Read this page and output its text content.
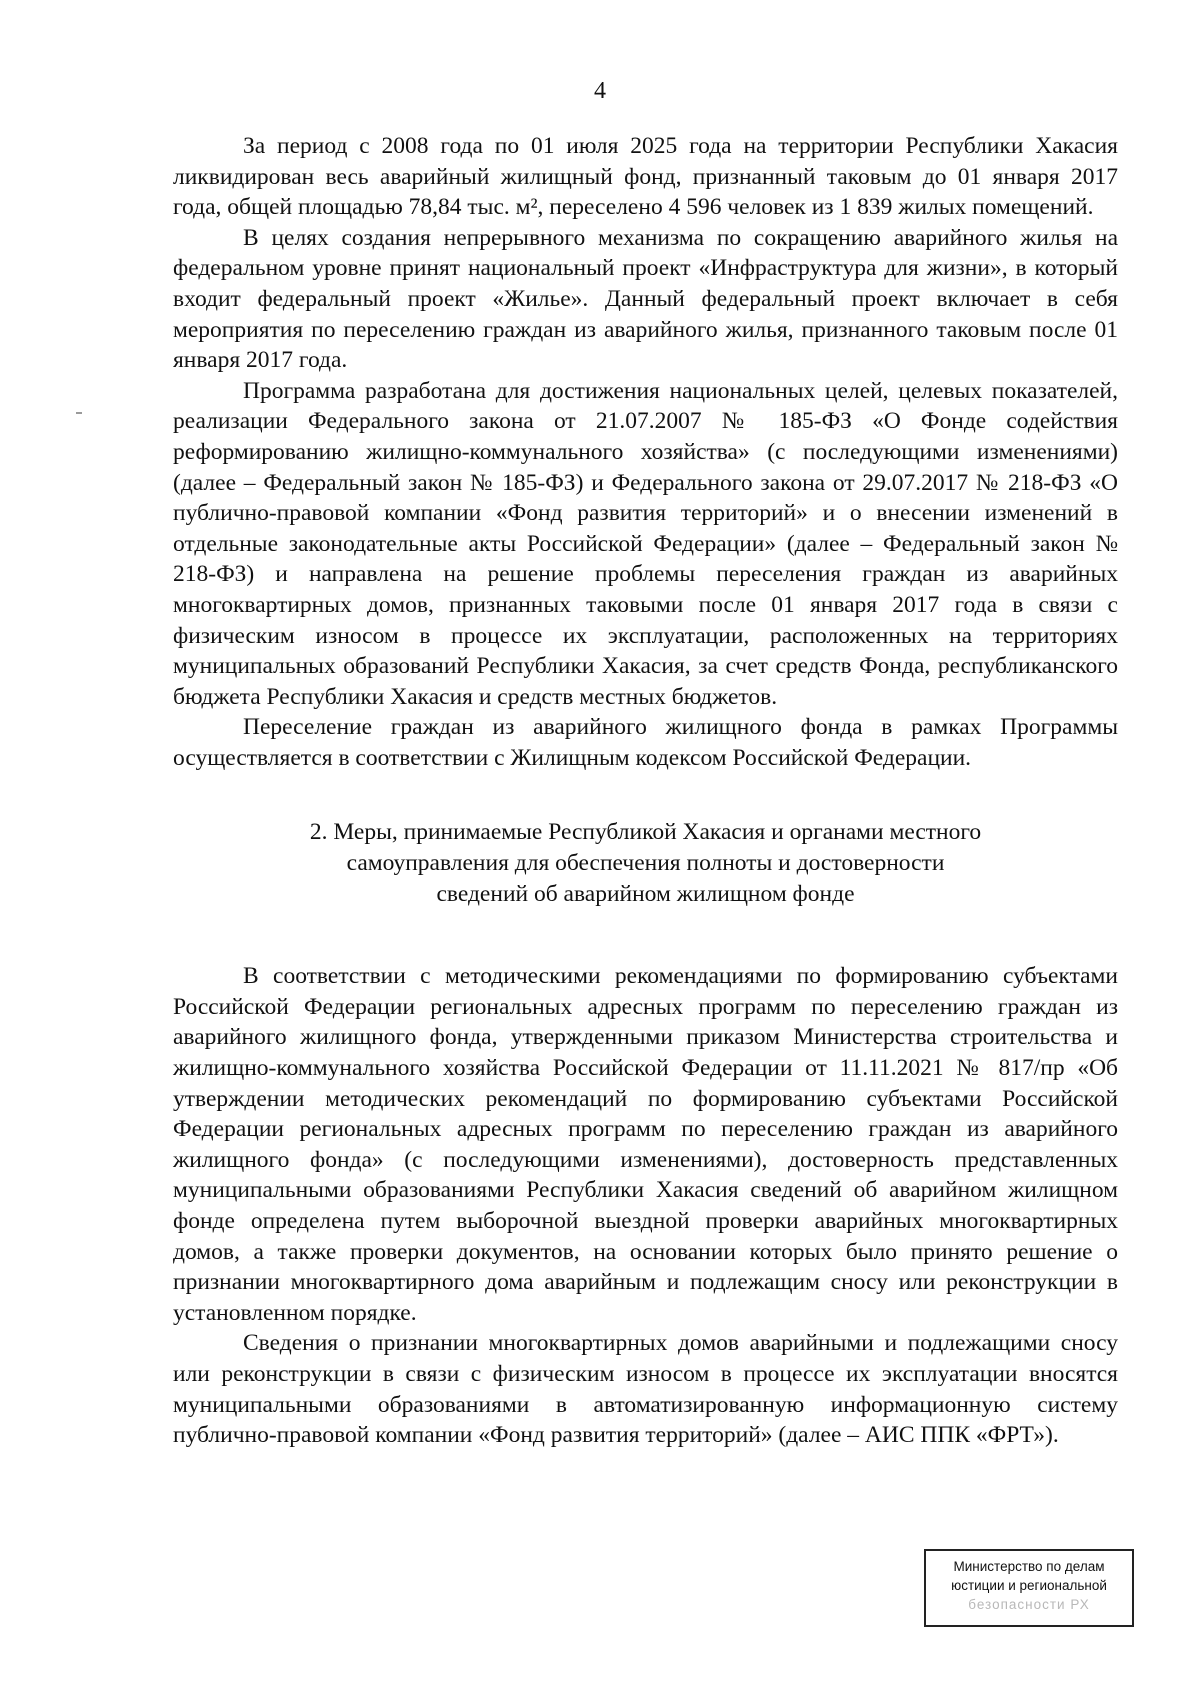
4

За период с 2008 года по 01 июля 2025 года на территории Республики Хакасия ликвидирован весь аварийный жилищный фонд, признанный таковым до 01 января 2017 года, общей площадью 78,84 тыс. м², переселено 4 596 человек из 1 839 жилых помещений.

В целях создания непрерывного механизма по сокращению аварийного жилья на федеральном уровне принят национальный проект «Инфраструктура для жизни», в который входит федеральный проект «Жилье». Данный федеральный проект включает в себя мероприятия по переселению граждан из аварийного жилья, признанного таковым после 01 января 2017 года.

Программа разработана для достижения национальных целей, целевых показателей, реализации Федерального закона от 21.07.2007 № 185-ФЗ «О Фонде содействия реформированию жилищно-коммунального хозяйства» (с последующими изменениями) (далее – Федеральный закон № 185-ФЗ) и Федерального закона от 29.07.2017 № 218-ФЗ «О публично-правовой компании «Фонд развития территорий» и о внесении изменений в отдельные законодательные акты Российской Федерации» (далее – Федеральный закон № 218-ФЗ) и направлена на решение проблемы переселения граждан из аварийных многоквартирных домов, признанных таковыми после 01 января 2017 года в связи с физическим износом в процессе их эксплуатации, расположенных на территориях муниципальных образований Республики Хакасия, за счет средств Фонда, республиканского бюджета Республики Хакасия и средств местных бюджетов.

Переселение граждан из аварийного жилищного фонда в рамках Программы осуществляется в соответствии с Жилищным кодексом Российской Федерации.

2. Меры, принимаемые Республикой Хакасия и органами местного
самоуправления для обеспечения полноты и достоверности
сведений об аварийном жилищном фонде

В соответствии с методическими рекомендациями по формированию субъектами Российской Федерации региональных адресных программ по переселению граждан из аварийного жилищного фонда, утвержденными приказом Министерства строительства и жилищно-коммунального хозяйства Российской Федерации от 11.11.2021 № 817/пр «Об утверждении методических рекомендаций по формированию субъектами Российской Федерации региональных адресных программ по переселению граждан из аварийного жилищного фонда» (с последующими изменениями), достоверность представленных муниципальными образованиями Республики Хакасия сведений об аварийном жилищном фонде определена путем выборочной выездной проверки аварийных многоквартирных домов, а также проверки документов, на основании которых было принято решение о признании многоквартирного дома аварийным и подлежащим сносу или реконструкции в установленном порядке.

Сведения о признании многоквартирных домов аварийными и подлежащими сносу или реконструкции в связи с физическим износом в процессе их эксплуатации вносятся муниципальными образованиями в автоматизированную информационную систему публично-правовой компании «Фонд развития территорий» (далее – АИС ППК «ФРТ»).

Министерство по делам
юстиции и региональной
безопасности РХ
